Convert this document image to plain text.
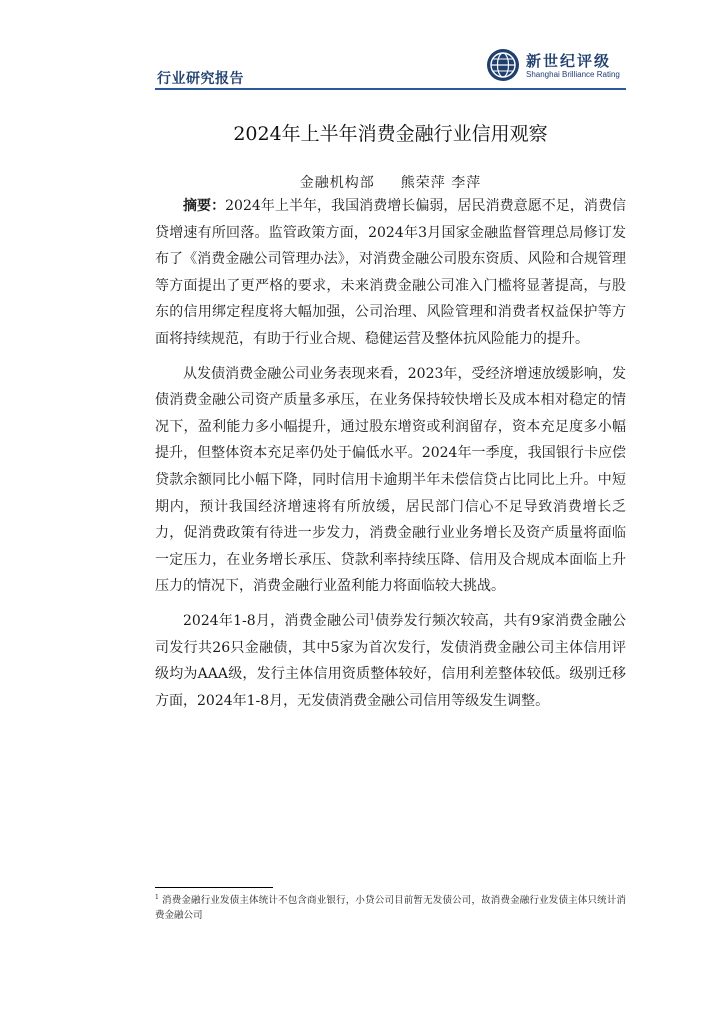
行业研究报告
新世纪评级
Shanghai Brilliance Rating
2024年上半年消费金融行业信用观察
金融机构部 熊荣萍 李萍

摘要：2024年上半年，我国消费增长偏弱，居民消费意愿不足，消费信贷增速有所回落。监管政策方面，2024年3月国家金融监督管理总局修订发布了《消费金融公司管理办法》，对消费金融公司股东资质、风险和合规管理等方面提出了更严格的要求，未来消费金融公司准入门槛将显著提高，与股东的信用绑定程度将大幅加强，公司治理、风险管理和消费者权益保护等方面将持续规范，有助于行业合规、稳健运营及整体抗风险能力的提升。

从发债消费金融公司业务表现来看，2023年，受经济增速放缓影响，发债消费金融公司资产质量多承压，在业务保持较快增长及成本相对稳定的情况下，盈利能力多小幅提升，通过股东增资或利润留存，资本充足度多小幅提升，但整体资本充足率仍处于偏低水平。2024年一季度，我国银行卡应偿贷款余额同比小幅下降，同时信用卡逾期半年未偿信贷占比同比上升。中短期内，预计我国经济增速将有所放缓，居民部门信心不足导致消费增长乏力，促消费政策有待进一步发力，消费金融行业业务增长及资产质量将面临一定压力，在业务增长承压、贷款利率持续压降、信用及合规成本面临上升压力的情况下，消费金融行业盈利能力将面临较大挑战。

2024年1-8月，消费金融公司$^1$债券发行频次较高，共有9家消费金融公司发行共26只金融债，其中5家为首次发行，发债消费金融公司主体信用评级均为AAA级，发行主体信用资质整体较好，信用利差整体较低。级别迁移方面，2024年1-8月，无发债消费金融公司信用等级发生调整。

$^1$ 消费金融行业发债主体统计不包含商业银行，小贷公司目前暂无发债公司，故消费金融行业发债主体只统计消费金融公司
